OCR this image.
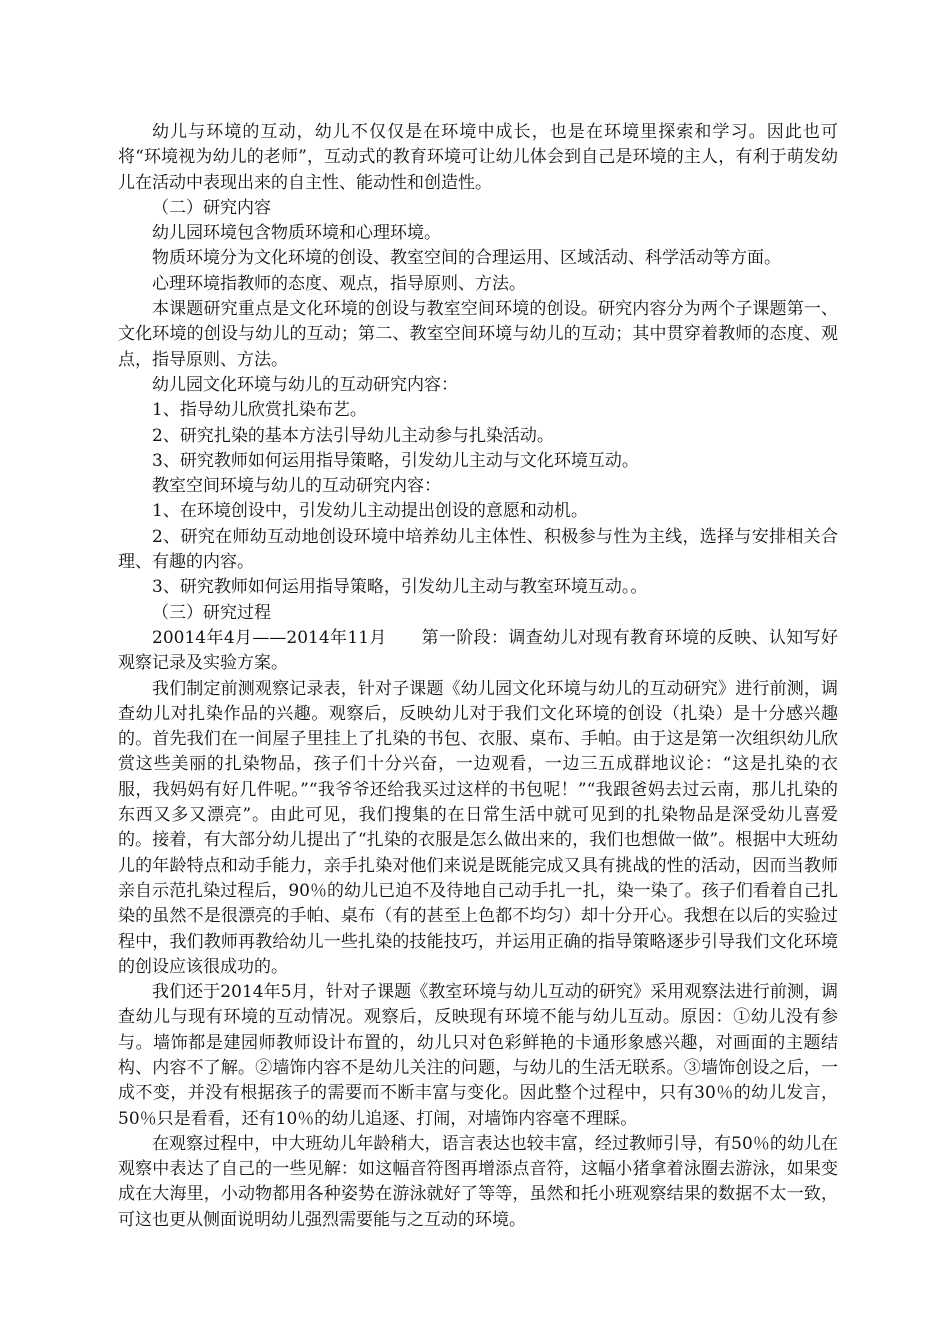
幼儿与环境的互动，幼儿不仅仅是在环境中成长，也是在环境里探索和学习。因此也可将“环境视为幼儿的老师”，互动式的教育环境可让幼儿体会到自己是环境的主人，有利于萌发幼儿在活动中表现出来的自主性、能动性和创造性。

（二）研究内容

幼儿园环境包含物质环境和心理环境。

物质环境分为文化环境的创设、教室空间的合理运用、区域活动、科学活动等方面。

心理环境指教师的态度、观点，指导原则、方法。

本课题研究重点是文化环境的创设与教室空间环境的创设。研究内容分为两个子课题第一、文化环境的创设与幼儿的互动；第二、教室空间环境与幼儿的互动；其中贯穿着教师的态度、观点，指导原则、方法。

幼儿园文化环境与幼儿的互动研究内容：

1、指导幼儿欣赏扎染布艺。

2、研究扎染的基本方法引导幼儿主动参与扎染活动。

3、研究教师如何运用指导策略，引发幼儿主动与文化环境互动。

教室空间环境与幼儿的互动研究内容：

1、在环境创设中，引发幼儿主动提出创设的意愿和动机。

2、研究在师幼互动地创设环境中培养幼儿主体性、积极参与性为主线，选择与安排相关合理、有趣的内容。

3、研究教师如何运用指导策略，引发幼儿主动与教室环境互动。。

（三）研究过程

20014年4月——2014年11月　　第一阶段：调查幼儿对现有教育环境的反映、认知写好观察记录及实验方案。

我们制定前测观察记录表，针对子课题《幼儿园文化环境与幼儿的互动研究》进行前测，调查幼儿对扎染作品的兴趣。观察后，反映幼儿对于我们文化环境的创设（扎染）是十分感兴趣的。首先我们在一间屋子里挂上了扎染的书包、衣服、桌布、手帕。由于这是第一次组织幼儿欣赏这些美丽的扎染物品，孩子们十分兴奋，一边观看，一边三五成群地议论：“这是扎染的衣服，我妈妈有好几件呢。”“我爷爷还给我买过这样的书包呢！”“我跟爸妈去过云南，那儿扎染的东西又多又漂亮”。由此可见，我们搜集的在日常生活中就可见到的扎染物品是深受幼儿喜爱的。接着，有大部分幼儿提出了“扎染的衣服是怎么做出来的，我们也想做一做”。根据中大班幼儿的年龄特点和动手能力，亲手扎染对他们来说是既能完成又具有挑战的性的活动，因而当教师亲自示范扎染过程后，90％的幼儿已迫不及待地自己动手扎一扎，染一染了。孩子们看着自己扎染的虽然不是很漂亮的手帕、桌布（有的甚至上色都不均匀）却十分开心。我想在以后的实验过程中，我们教师再教给幼儿一些扎染的技能技巧，并运用正确的指导策略逐步引导我们文化环境的创设应该很成功的。

我们还于2014年5月，针对子课题《教室环境与幼儿互动的研究》采用观察法进行前测，调查幼儿与现有环境的互动情况。观察后，反映现有环境不能与幼儿互动。原因：①幼儿没有参与。墙饰都是建园师教师设计布置的，幼儿只对色彩鲜艳的卡通形象感兴趣，对画面的主题结构、内容不了解。②墙饰内容不是幼儿关注的问题，与幼儿的生活无联系。③墙饰创设之后，一成不变，并没有根据孩子的需要而不断丰富与变化。因此整个过程中，只有30％的幼儿发言，50％只是看看，还有10％的幼儿追逐、打闹，对墙饰内容毫不理睬。

在观察过程中，中大班幼儿年龄稍大，语言表达也较丰富，经过教师引导，有50％的幼儿在观察中表达了自己的一些见解：如这幅音符图再增添点音符，这幅小猪拿着泳圈去游泳，如果变成在大海里，小动物都用各种姿势在游泳就好了等等，虽然和托小班观察结果的数据不太一致，可这也更从侧面说明幼儿强烈需要能与之互动的环境。
